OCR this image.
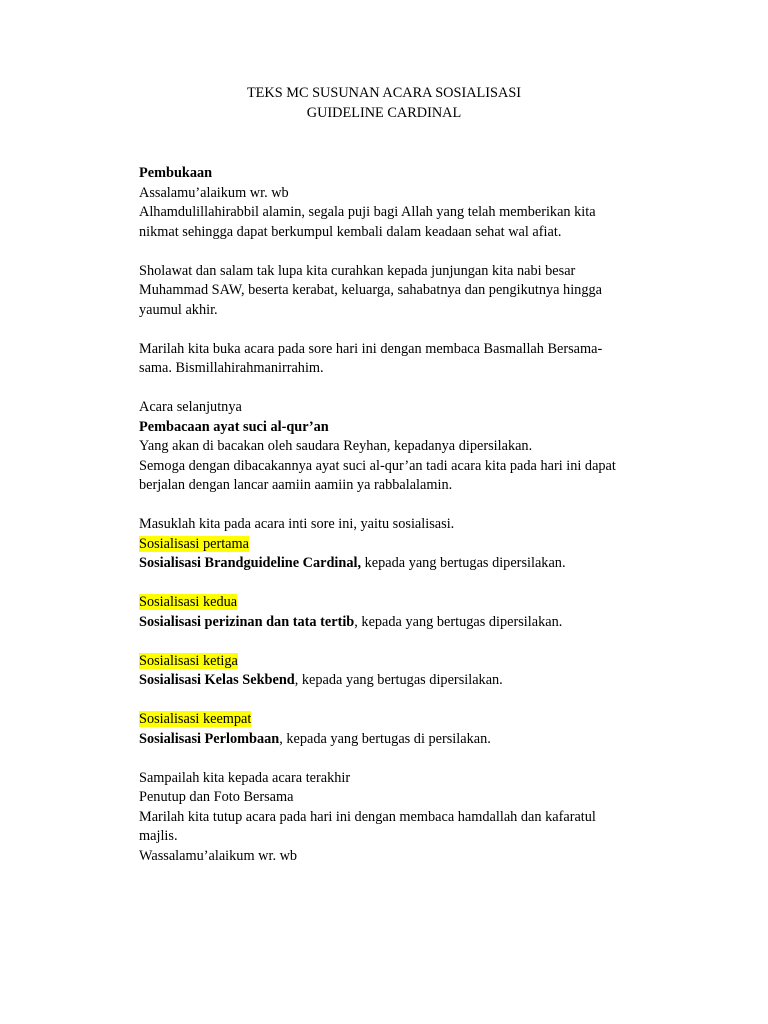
TEKS MC SUSUNAN ACARA SOSIALISASI
GUIDELINE CARDINAL
Pembukaan
Assalamu’alaikum wr. wb
Alhamdulillahirabbil alamin, segala puji bagi Allah yang telah memberikan kita
nikmat sehingga dapat berkumpul kembali dalam keadaan sehat wal afiat.
Sholawat dan salam tak lupa kita curahkan kepada junjungan kita nabi besar
Muhammad SAW, beserta kerabat, keluarga, sahabatnya dan pengikutnya hingga
yaumul akhir.
Marilah kita buka acara pada sore hari ini dengan membaca Basmallah Bersama-
sama. Bismillahirahmanirrahim.
Acara selanjutnya
Pembacaan ayat suci al-qur’an
Yang akan di bacakan oleh saudara Reyhan, kepadanya dipersilakan.
Semoga dengan dibacakannya ayat suci al-qur’an tadi acara kita pada hari ini dapat
berjalan dengan lancar aamiin aamiin ya rabbalalamin.
Masuklah kita pada acara inti sore ini, yaitu sosialisasi.
Sosialisasi pertama
Sosialisasi Brandguideline Cardinal, kepada yang bertugas dipersilakan.
Sosialisasi kedua
Sosialisasi perizinan dan tata tertib, kepada yang bertugas dipersilakan.
Sosialisasi ketiga
Sosialisasi Kelas Sekbend, kepada yang bertugas dipersilakan.
Sosialisasi keempat
Sosialisasi Perlombaan, kepada yang bertugas di persilakan.
Sampailah kita kepada acara terakhir
Penutup dan Foto Bersama
Marilah kita tutup acara pada hari ini dengan membaca hamdallah dan kafaratul
majlis.
Wassalamu’alaikum wr. wb
